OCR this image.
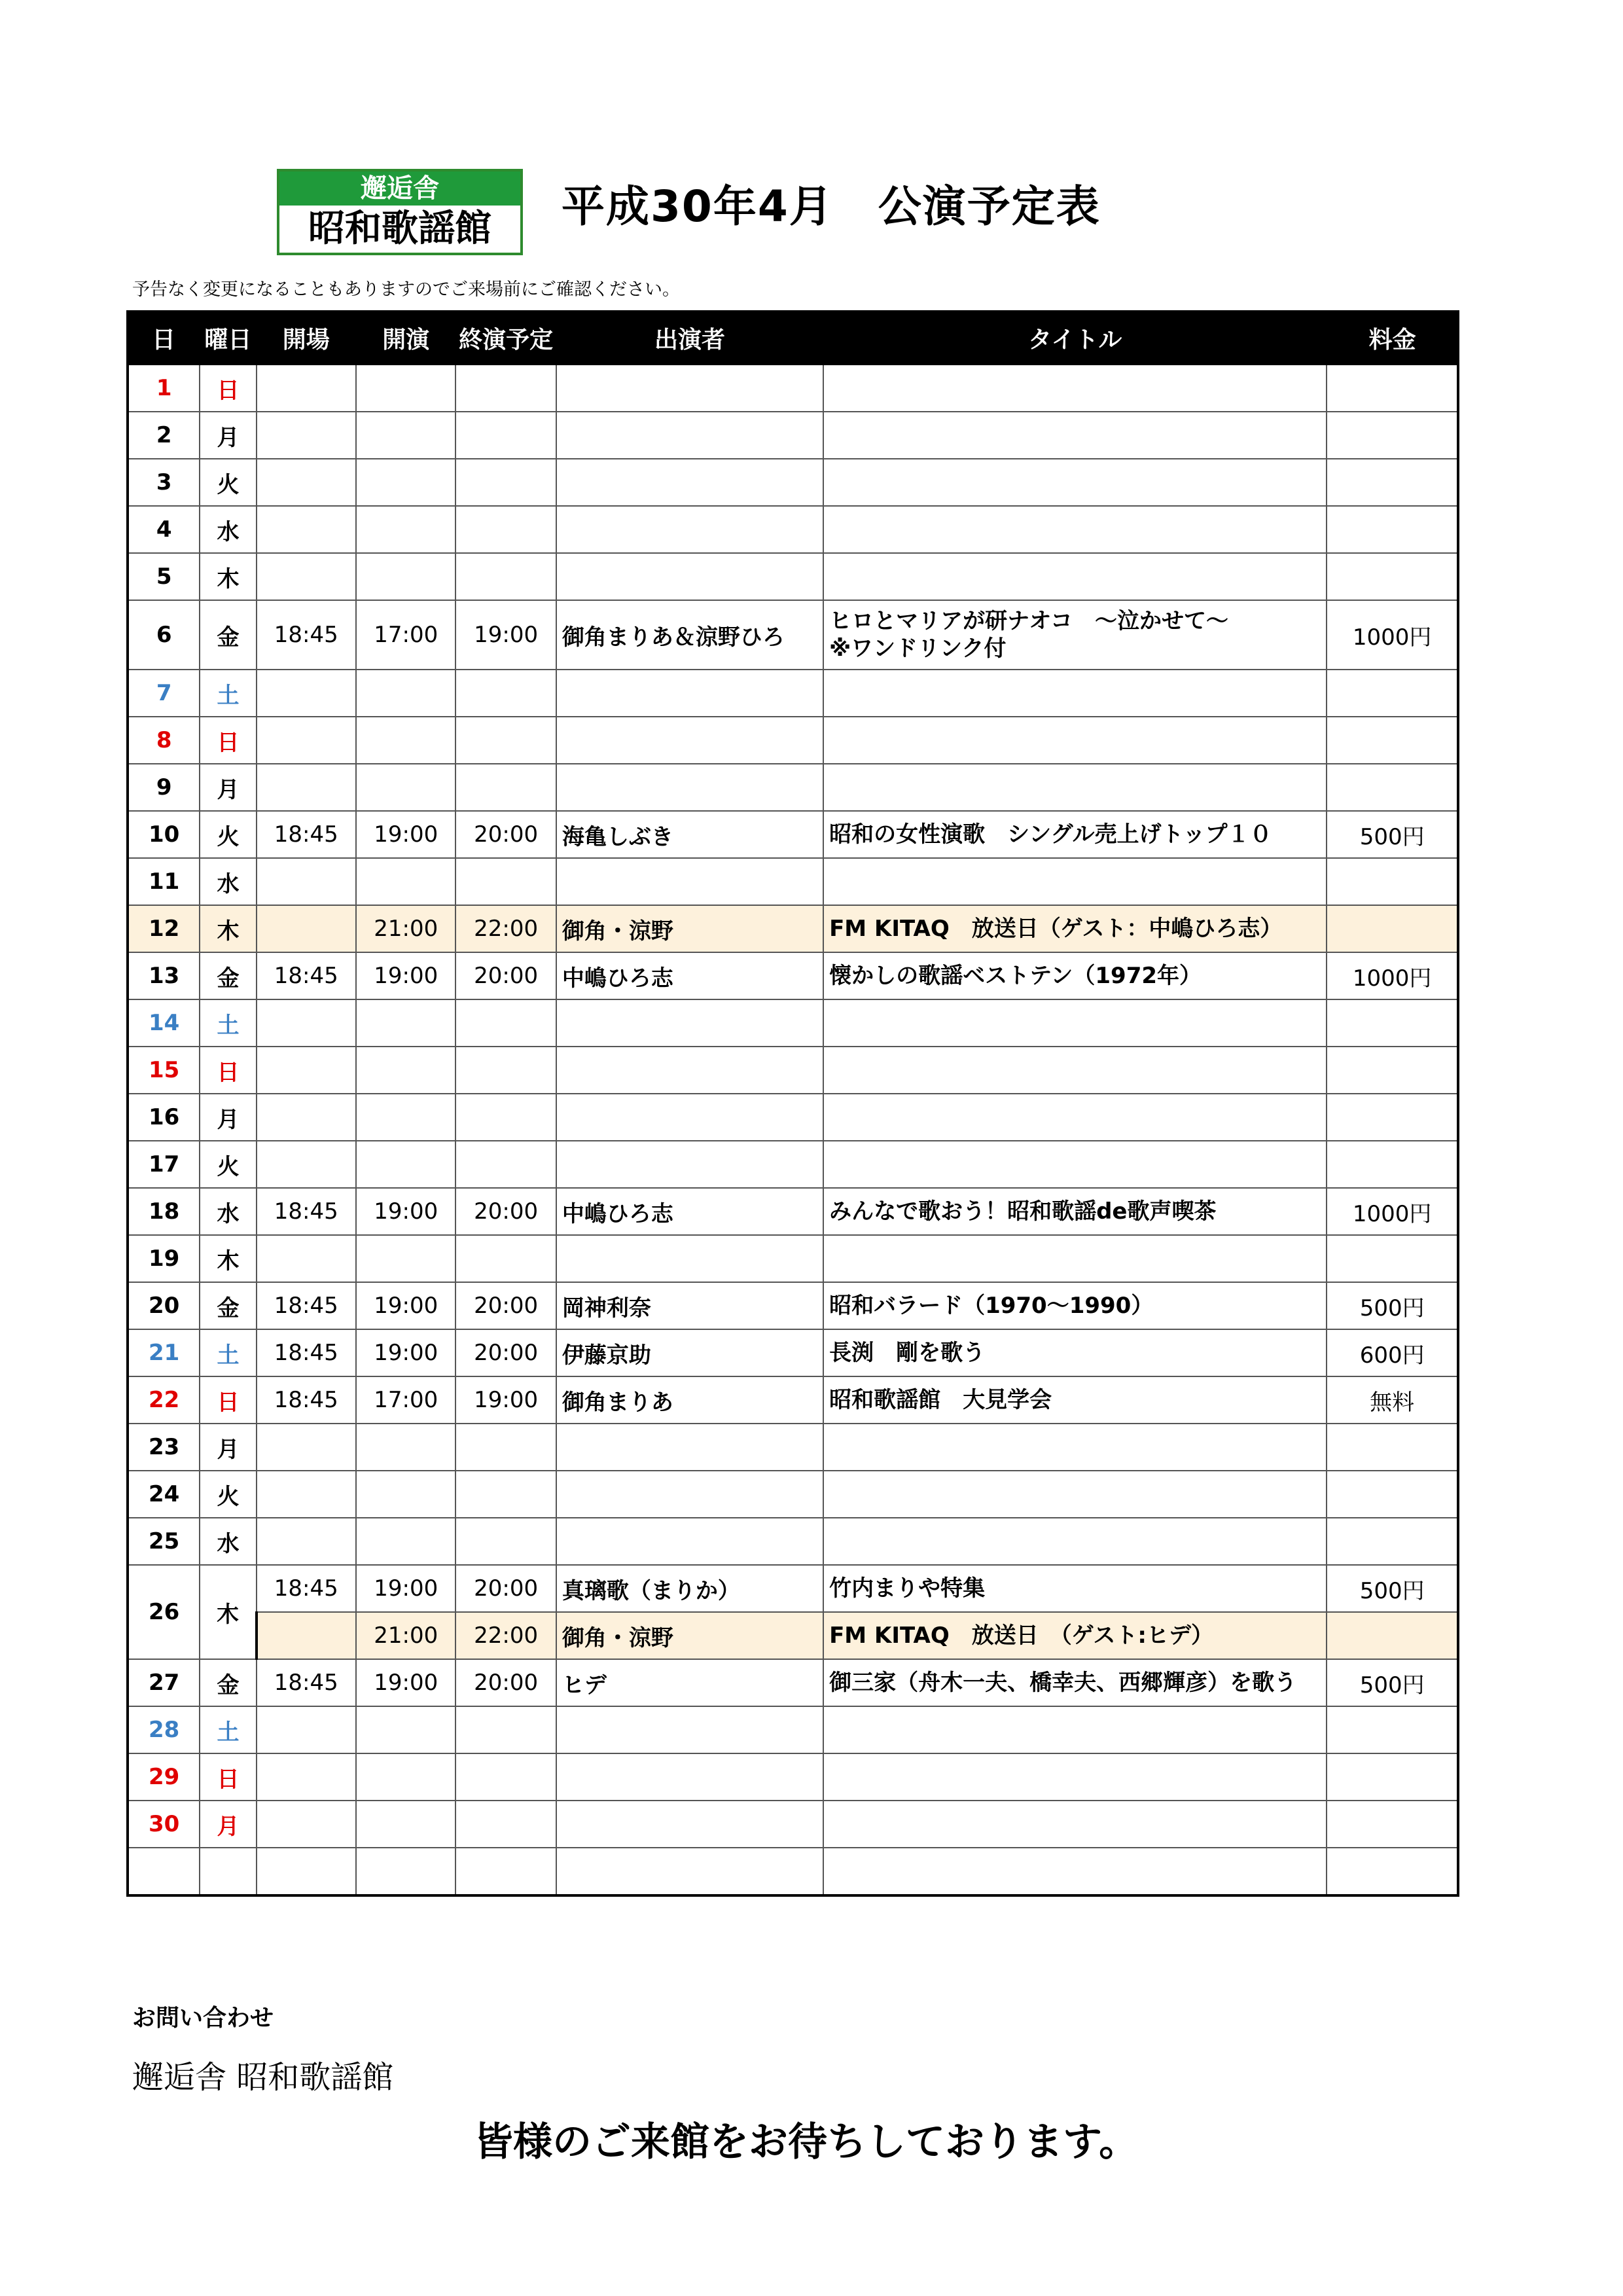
邂逅舎
昭和歌謡館	平成30年4月　公演予定表
予告なく変更になることもありますのでご来場前にご確認ください。
日	曜日	開場	開演	終演予定	出演者	タイトル	料金
1	日						
2	月						
3	火						
4	水						
5	木						
6	金	18:45	17:00	19:00	御角まりあ＆涼野ひろ	ヒロとマリアが研ナオコ　～泣かせて～
※ワンドリンク付	1000円
7	土						
8	日						
9	月						
10	火	18:45	19:00	20:00	海亀しぶき	昭和の女性演歌　シングル売上げトップ１０	500円
11	水						
12	木		21:00	22:00	御角・涼野	FM KITAQ　放送日（ゲスト：中嶋ひろ志）	
13	金	18:45	19:00	20:00	中嶋ひろ志	懐かしの歌謡ベストテン（1972年）	1000円
14	土						
15	日						
16	月						
17	火						
18	水	18:45	19:00	20:00	中嶋ひろ志	みんなで歌おう！昭和歌謡de歌声喫茶	1000円
19	木						
20	金	18:45	19:00	20:00	岡神利奈	昭和バラード（1970～1990）	500円
21	土	18:45	19:00	20:00	伊藤京助	長渕　剛を歌う	600円
22	日	18:45	17:00	19:00	御角まりあ	昭和歌謡館　大見学会	無料
23	月						
24	火						
25	水						
26	木	18:45	19:00	20:00	真璃歌（まりか）	竹内まりや特集	500円
			21:00	22:00	御角・涼野	FM KITAQ　放送日　（ゲスト:ヒデ）	
27	金	18:45	19:00	20:00	ヒデ	御三家（舟木一夫、橋幸夫、西郷輝彦）を歌う	500円
28	土						
29	日						
30	月						

お問い合わせ
邂逅舎 昭和歌謡館
皆様のご来館をお待ちしております。
